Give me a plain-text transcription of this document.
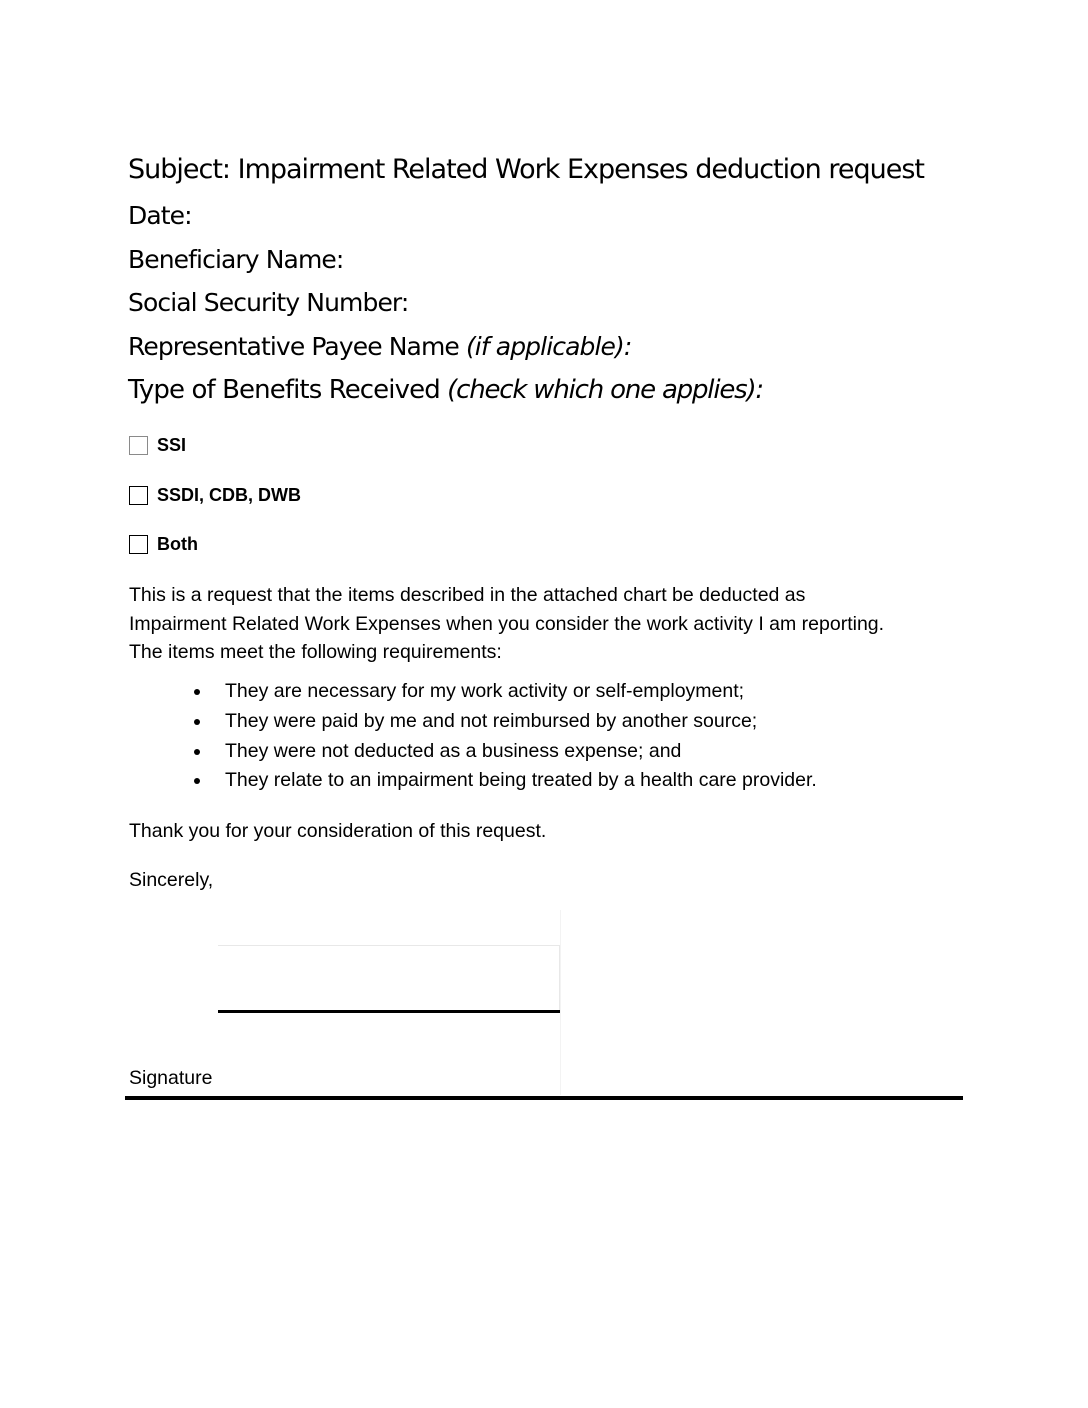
Subject: Impairment Related Work Expenses deduction request
Date:
Beneficiary Name:
Social Security Number:
Representative Payee Name (if applicable):
Type of Benefits Received (check which one applies):
SSI
SSDI, CDB, DWB
Both
This is a request that the items described in the attached chart be deducted as
Impairment Related Work Expenses when you consider the work activity I am reporting.
The items meet the following requirements:
They are necessary for my work activity or self-employment;
They were paid by me and not reimbursed by another source;
They were not deducted as a business expense; and
They relate to an impairment being treated by a health care provider.
Thank you for your consideration of this request.
Sincerely,
Signature
